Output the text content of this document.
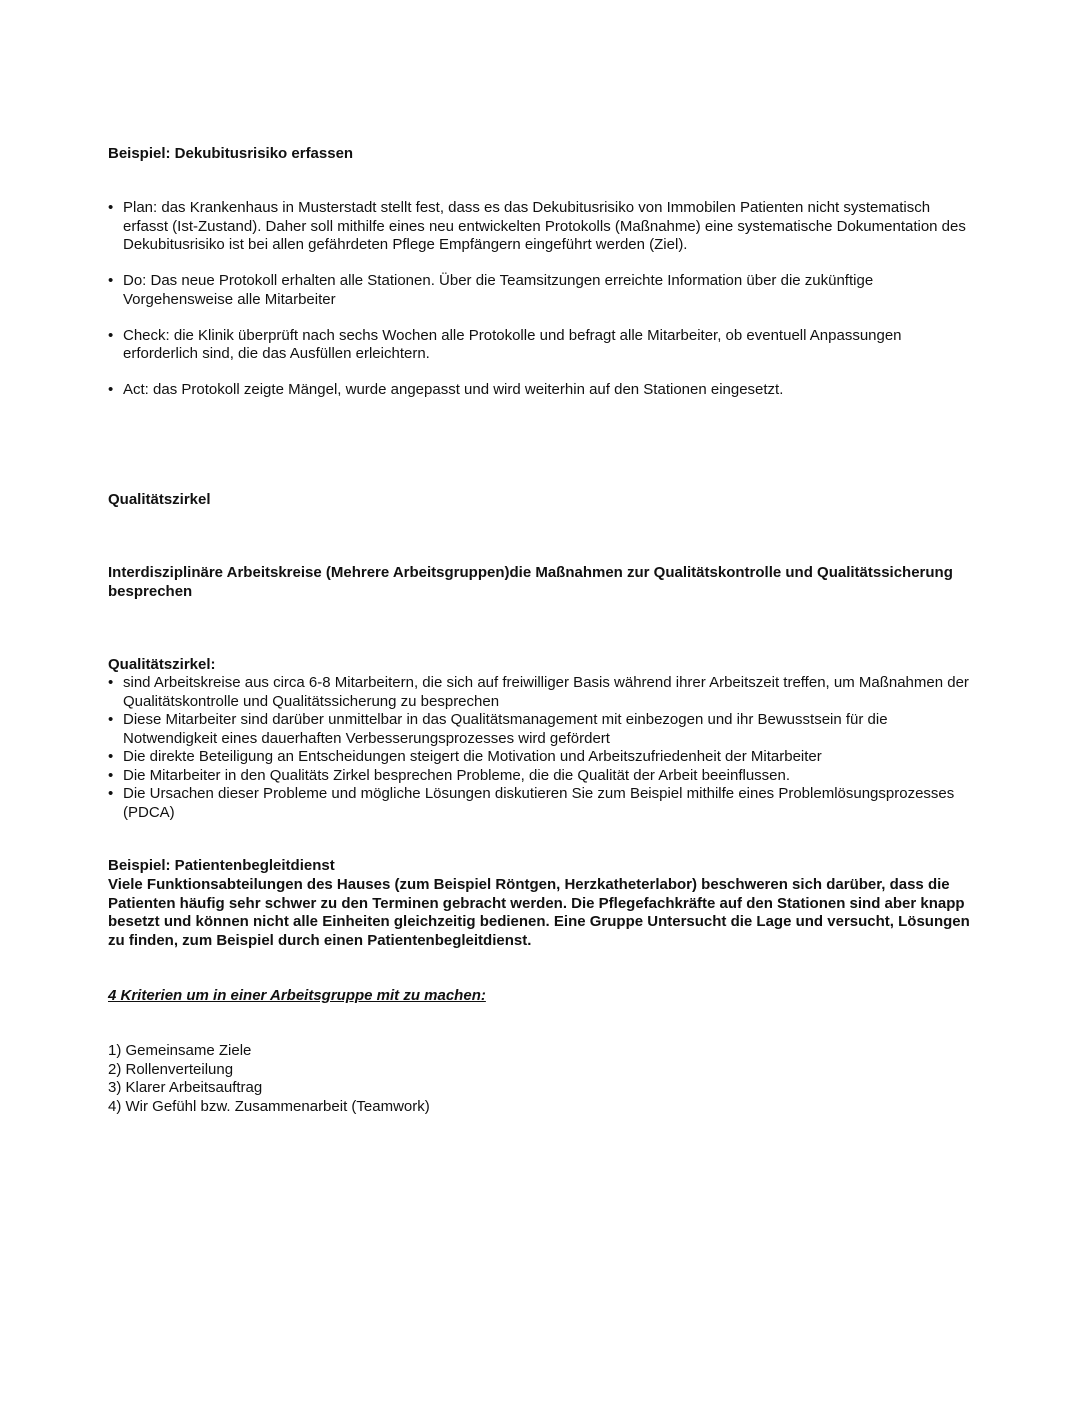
Beispiel: Dekubitusrisiko erfassen

• Plan: das Krankenhaus in Musterstadt stellt fest, dass es das Dekubitusrisiko von Immobilen Patienten nicht systematisch erfasst (Ist-Zustand). Daher soll mithilfe eines neu entwickelten Protokolls (Maßnahme) eine systematische Dokumentation des Dekubitusrisiko ist bei allen gefährdeten Pflege Empfängern eingeführt werden (Ziel).
• Do: Das neue Protokoll erhalten alle Stationen. Über die Teamsitzungen erreichte Information über die zukünftige Vorgehensweise alle Mitarbeiter
• Check: die Klinik überprüft nach sechs Wochen alle Protokolle und befragt alle Mitarbeiter, ob eventuell Anpassungen erforderlich sind, die das Ausfüllen erleichtern.
• Act: das Protokoll zeigte Mängel, wurde angepasst und wird weiterhin auf den Stationen eingesetzt.

Qualitätszirkel

Interdisziplinäre Arbeitskreise (Mehrere Arbeitsgruppen)die Maßnahmen zur Qualitätskontrolle und Qualitätssicherung besprechen

Qualitätszirkel:

• sind Arbeitskreise aus circa 6-8 Mitarbeitern, die sich auf freiwilliger Basis während ihrer Arbeitszeit treffen, um Maßnahmen der Qualitätskontrolle und Qualitätssicherung zu besprechen
• Diese Mitarbeiter sind darüber unmittelbar in das Qualitätsmanagement mit einbezogen und ihr Bewusstsein für die Notwendigkeit eines dauerhaften Verbesserungsprozesses wird gefördert
• Die direkte Beteiligung an Entscheidungen steigert die Motivation und Arbeitszufriedenheit der Mitarbeiter
• Die Mitarbeiter in den Qualitäts Zirkel besprechen Probleme, die die Qualität der Arbeit beeinflussen.
• Die Ursachen dieser Probleme und mögliche Lösungen diskutieren Sie zum Beispiel mithilfe eines Problemlösungsprozesses (PDCA)

Beispiel: Patientenbegleitdienst

Viele Funktionsabteilungen des Hauses (zum Beispiel Röntgen, Herzkatheterlabor) beschweren sich darüber, dass die Patienten häufig sehr schwer zu den Terminen gebracht werden. Die Pflegefachkräfte auf den Stationen sind aber knapp besetzt und können nicht alle Einheiten gleichzeitig bedienen. Eine Gruppe Untersucht die Lage und versucht, Lösungen zu finden, zum Beispiel durch einen Patientenbegleitdienst.

4 Kriterien um in einer Arbeitsgruppe mit zu machen:

1) Gemeinsame Ziele
2) Rollenverteilung
3) Klarer Arbeitsauftrag
4) Wir Gefühl bzw. Zusammenarbeit (Teamwork)
